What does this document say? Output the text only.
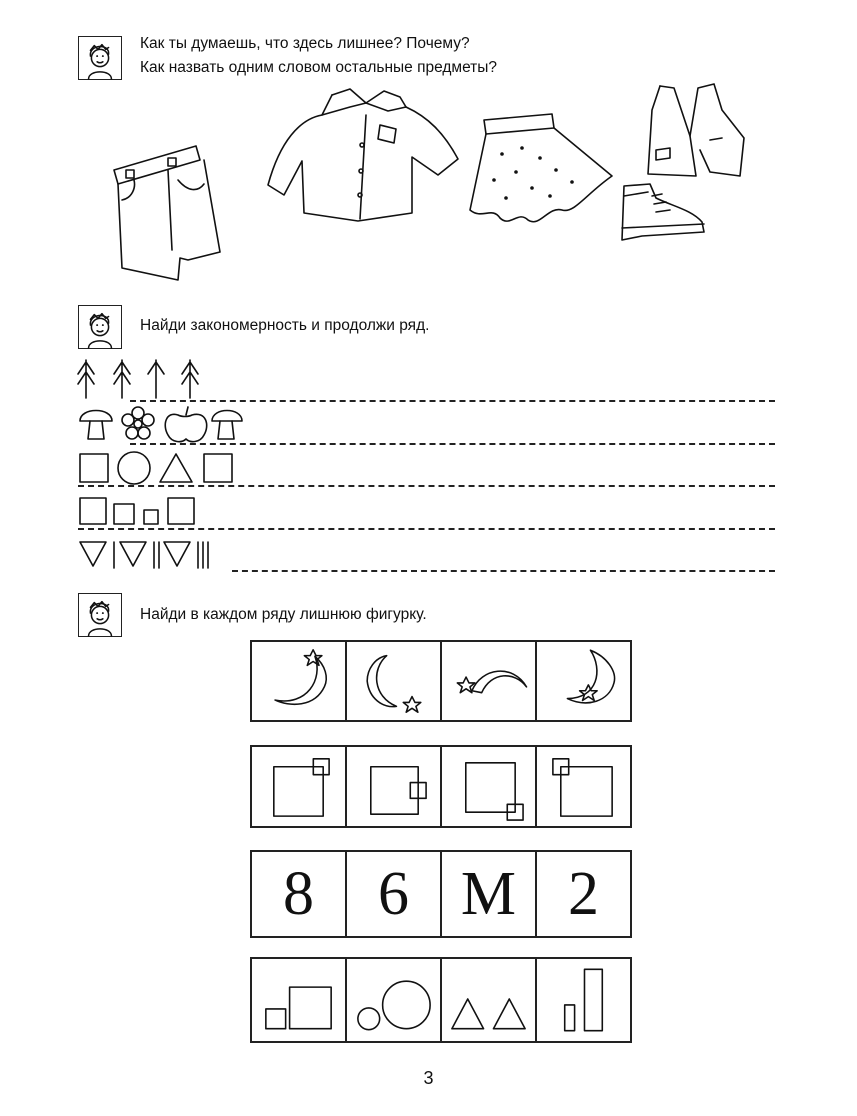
Как ты думаешь, что здесь лишнее? Почему?
Как назвать одним словом остальные предметы?
Найди закономерность и продолжи ряд.
Найди в каждом ряду лишнюю фигурку.
8	6 М 2
3
